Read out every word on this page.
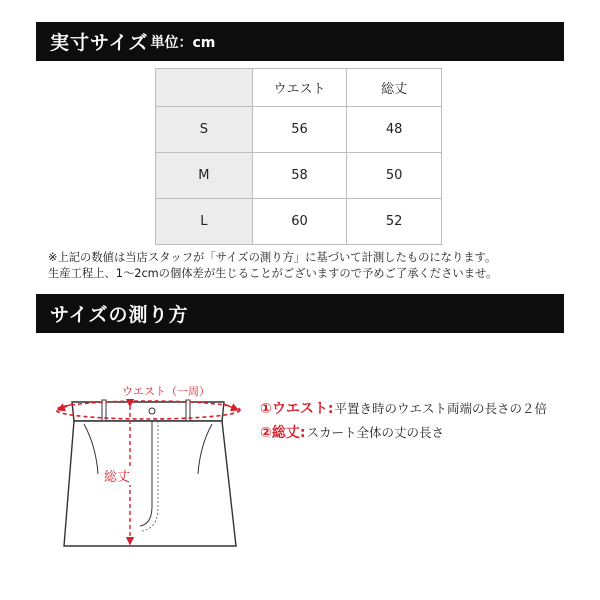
実寸サイズ 単位：cm
	ウエスト	総丈
S	56	48
M	58	50
L	60	52
※上記の数値は当店スタッフが「サイズの測り方」に基づいて計測したものになります。
生産工程上、1～2cmの個体差が生じることがございますので予めご了承くださいませ。
サイズの測り方
ウエスト（一周）
総丈
①ウエスト: 平置き時のウエスト両端の長さの２倍
②総丈: スカート全体の丈の長さ
